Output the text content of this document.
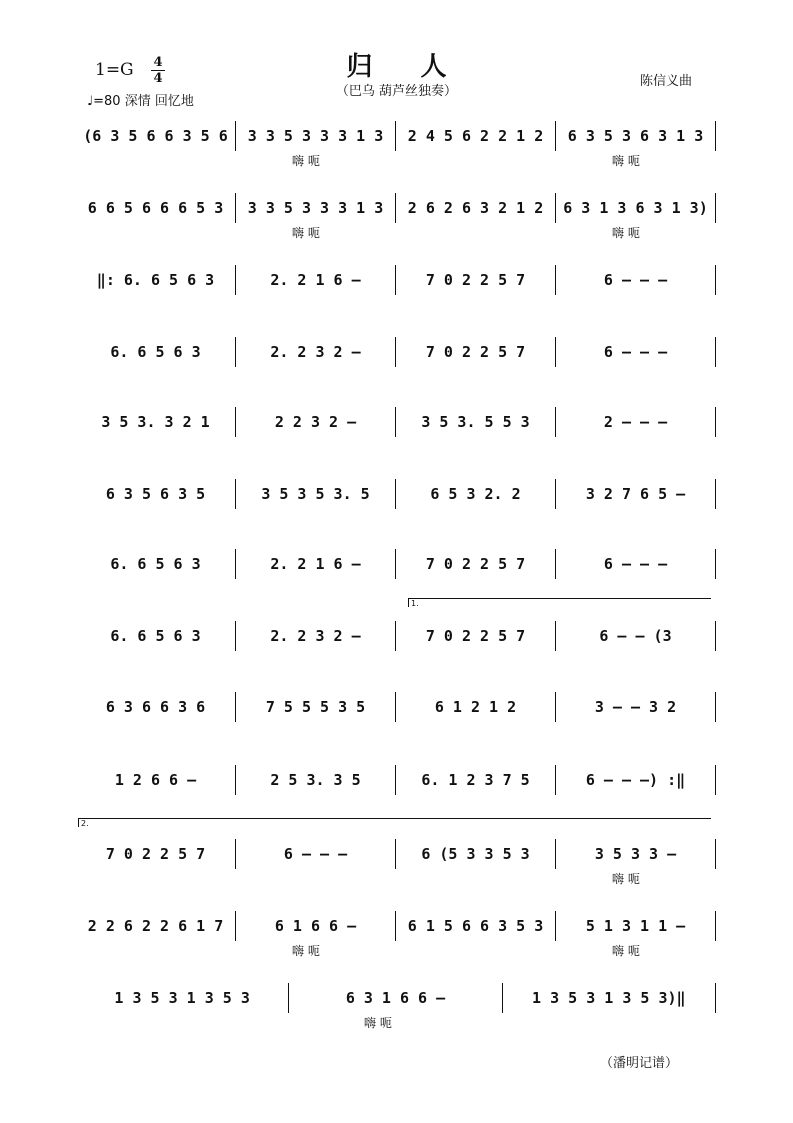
归人
（巴乌 葫芦丝独奏）
1=G 4
4
♩=80 深情 回忆地
陈信义曲
(6 3 5 6 6 3 5 6	3 3 5 3 3 3 1 3	2 4 5 6 2 2 1 2	6 3 5 3 6 3 1 3
嗨 呃	嗨 呃
6 6 5 6 6 6 5 3	3 3 5 3 3 3 1 3	2 6 2 6 3 2 1 2	6 3 1 3 6 3 1 3)
嗨 呃	嗨 呃
‖: 6. 6 5 6 3	2. 2 1 6 –	7 0 2 2 5 7	6 – – –
6. 6 5 6 3	2. 2 3 2 –	7 0 2 2 5 7	6 – – –
3 5 3. 3 2 1	2 2 3 2 –	3 5 3. 5 5 3	2 – – –
6 3 5 6 3 5	3 5 3 5 3. 5	6 5 3 2. 2	3 2 7 6 5 –
6. 6 5 6 3	2. 2 1 6 –	7 0 2 2 5 7	6 – – –
6. 6 5 6 3	2. 2 3 2 –	7 0 2 2 5 7	6 – – (3
6 3 6 6 3 6	7 5 5 5 3 5	6 1 2 1 2	3 – – 3 2
1 2 6 6 –	2 5 3. 3 5	6. 1 2 3 7 5	6 – – –) :‖
7 0 2 2 5 7	6 – – –	6 (5 3 3 5 3	3 5 3 3 –
嗨 呃
2 2 6 2 2 6 1 7	6 1 6 6 –	6 1 5 6 6 3 5 3	5 1 3 1 1 –
嗨 呃	嗨 呃
1 3 5 3 1 3 5 3	6 3 1 6 6 –	1 3 5 3 1 3 5 3)‖
嗨 呃
1.
2.
（潘明记谱）
